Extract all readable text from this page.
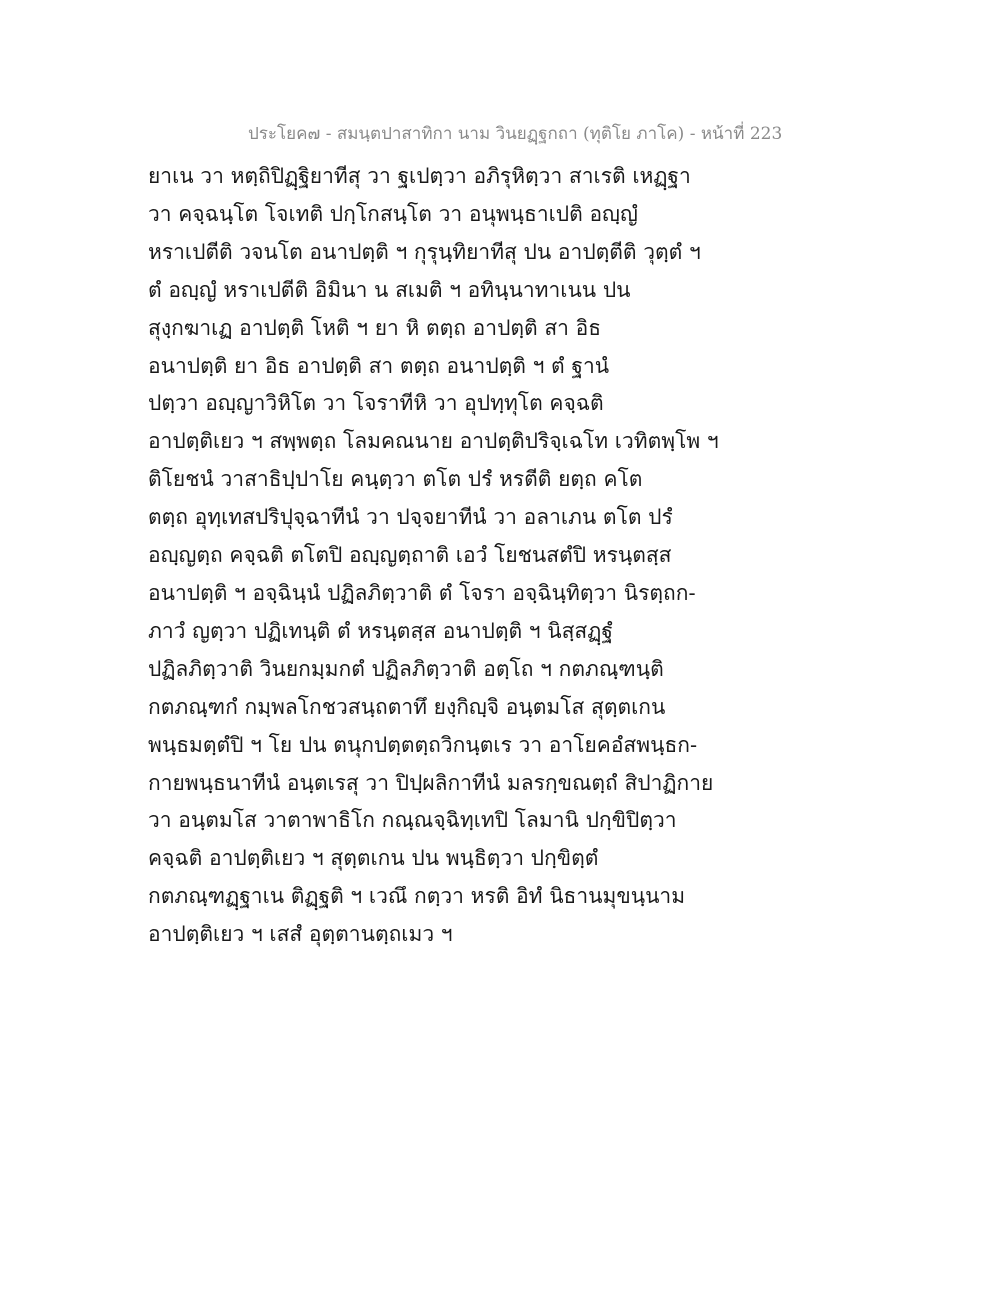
ประโยค๗ - สมนฺตปาสาทิกา นาม วินยฏฺฐกถา (ทุติโย ภาโค) - หน้าที่ 223
ยาเน วา หตฺถิปิฏฺฐิยาทีสุ วา ฐเปตฺวา อภิรุหิตฺวา สาเรติ เหฏฺฐา
วา คจฺฉนฺโต โจเทติ ปกฺโกสนฺโต วา อนุพนฺธาเปติ อญฺญํ
หราเปตีติ วจนโต อนาปตฺติ ฯ กุรุนฺทิยาทีสุ ปน อาปตฺตีติ วุตฺตํ ฯ
ตํ อญฺญํ หราเปตีติ อิมินา น สเมติ ฯ อทินฺนาทาเนน ปน
สุงฺกฆาเฏ อาปตฺติ โหติ ฯ ยา หิ ตตฺถ อาปตฺติ สา อิธ
อนาปตฺติ ยา อิธ อาปตฺติ สา ตตฺถ อนาปตฺติ ฯ ตํ ฐานํ
ปตฺวา อญฺญาวิหิโต วา โจราทีหิ วา อุปทฺทุโต คจฺฉติ
อาปตฺติเยว ฯ สพฺพตฺถ โลมคณนาย อาปตฺติปริจฺเฉโท เวทิตพฺโพ ฯ
ติโยชนํ วาสาธิปฺปาโย คนฺตฺวา ตโต ปรํ หรตีติ ยตฺถ คโต
ตตฺถ อุทฺเทสปริปุจฺฉาทีนํ วา ปจฺจยาทีนํ วา อลาเภน ตโต ปรํ
อญฺญตฺถ คจฺฉติ ตโตปิ อญฺญตฺถาติ เอวํ โยชนสตํปิ หรนฺตสฺส
อนาปตฺติ ฯ อจฺฉินฺนํ ปฏิลภิตฺวาติ ตํ โจรา อจฺฉินฺทิตฺวา นิรตฺถก-
ภาวํ ญตฺวา ปฏิเทนฺติ ตํ หรนฺตสฺส อนาปตฺติ ฯ นิสฺสฏฺฐํ
ปฏิลภิตฺวาติ วินยกมฺมกตํ ปฏิลภิตฺวาติ อตฺโถ ฯ กตภณฺฑนฺติ
กตภณฺฑกํ กมฺพลโกชวสนฺถตาทึ ยงฺกิญฺจิ อนฺตมโส สุตฺตเกน
พนฺธมตฺตํปิ ฯ โย ปน ตนุกปตฺตตฺถวิกนฺตเร วา อาโยคอํสพนฺธก-
กายพนฺธนาทีนํ อนฺตเรสุ วา ปิปฺผลิกาทีนํ มลรกฺขณตฺถํ สิปาฏิกาย
วา อนฺตมโส วาตาพาธิโก กณฺณจฺฉิทฺเทปิ โลมานิ ปกฺขิปิตฺวา
คจฺฉติ อาปตฺติเยว ฯ สุตฺตเกน ปน พนฺธิตฺวา ปกฺขิตฺตํ
กตภณฺฑฏฺฐาเน ติฏฺฐติ ฯ เวณึ กตฺวา หรติ อิทํ นิธานมุขนฺนาม
อาปตฺติเยว ฯ เสสํ อุตฺตานตฺถเมว ฯ
